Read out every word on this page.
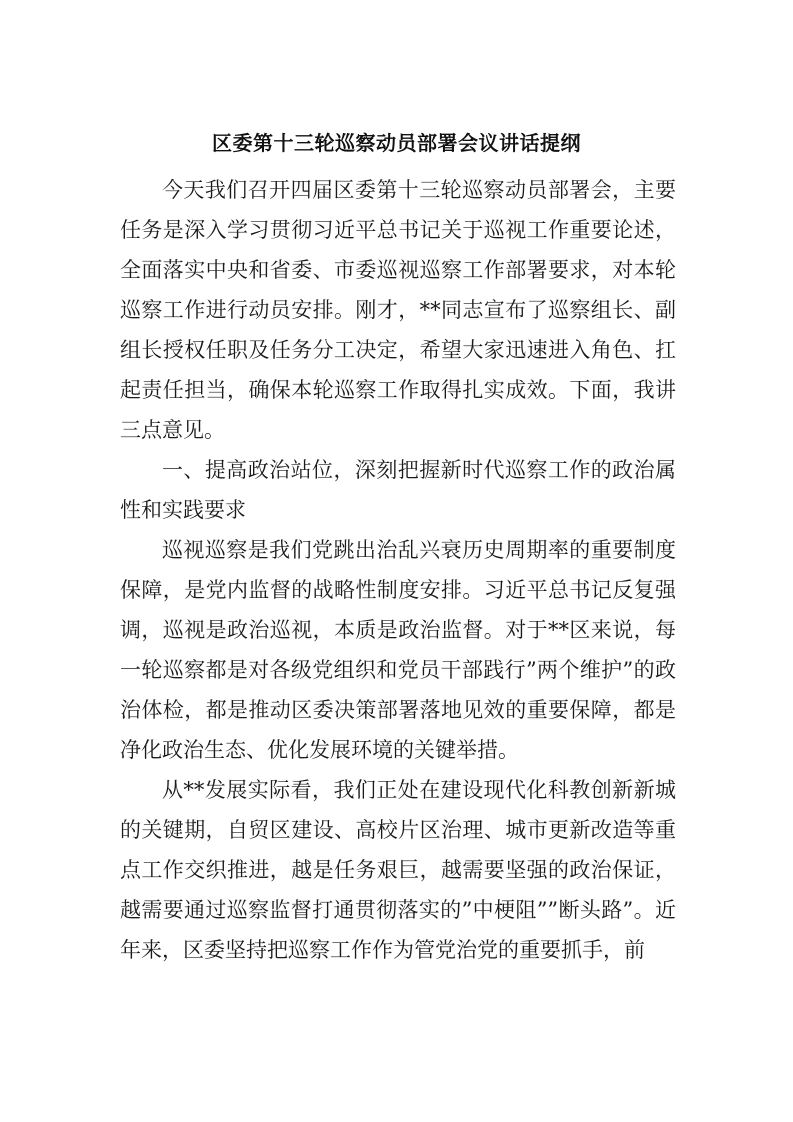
区委第十三轮巡察动员部署会议讲话提纲

今天我们召开四届区委第十三轮巡察动员部署会，主要任务是深入学习贯彻习近平总书记关于巡视工作重要论述，全面落实中央和省委、市委巡视巡察工作部署要求，对本轮巡察工作进行动员安排。刚才，**同志宣布了巡察组长、副组长授权任职及任务分工决定，希望大家迅速进入角色、扛起责任担当，确保本轮巡察工作取得扎实成效。下面，我讲三点意见。

一、提高政治站位，深刻把握新时代巡察工作的政治属性和实践要求

巡视巡察是我们党跳出治乱兴衰历史周期率的重要制度保障，是党内监督的战略性制度安排。习近平总书记反复强调，巡视是政治巡视，本质是政治监督。对于**区来说，每一轮巡察都是对各级党组织和党员干部践行”两个维护”的政治体检，都是推动区委决策部署落地见效的重要保障，都是净化政治生态、优化发展环境的关键举措。

从**发展实际看，我们正处在建设现代化科教创新新城的关键期，自贸区建设、高校片区治理、城市更新改造等重点工作交织推进，越是任务艰巨，越需要坚强的政治保证，越需要通过巡察监督打通贯彻落实的”中梗阻””断头路”。近年来，区委坚持把巡察工作作为管党治党的重要抓手，前
